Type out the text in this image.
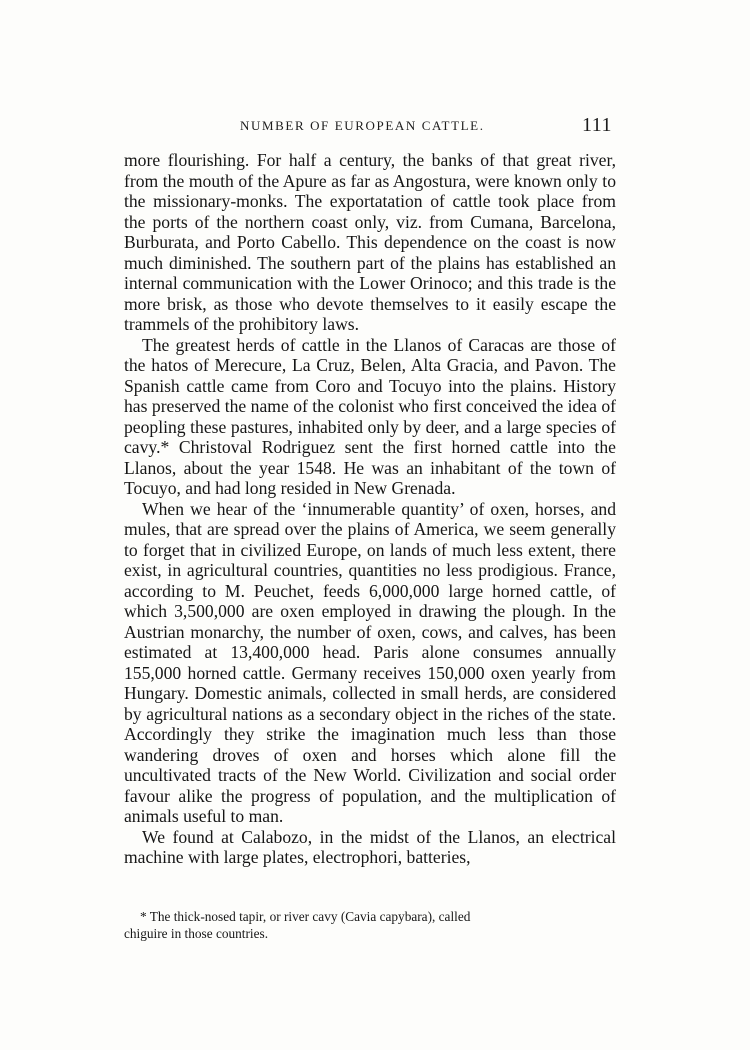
NUMBER OF EUROPEAN CATTLE.	111

more flourishing. For half a century, the banks of that great river, from the mouth of the Apure as far as Angostura, were known only to the missionary-monks. The exportatation of cattle took place from the ports of the northern coast only, viz. from Cumana, Barcelona, Burburata, and Porto Cabello. This dependence on the coast is now much diminished. The southern part of the plains has established an internal communication with the Lower Orinoco; and this trade is the more brisk, as those who devote themselves to it easily escape the trammels of the prohibitory laws.

The greatest herds of cattle in the Llanos of Caracas are those of the hatos of Merecure, La Cruz, Belen, Alta Gracia, and Pavon. The Spanish cattle came from Coro and Tocuyo into the plains. History has preserved the name of the colonist who first conceived the idea of peopling these pastures, inhabited only by deer, and a large species of cavy.* Christoval Rodriguez sent the first horned cattle into the Llanos, about the year 1548. He was an inhabitant of the town of Tocuyo, and had long resided in New Grenada.

When we hear of the ‘innumerable quantity’ of oxen, horses, and mules, that are spread over the plains of America, we seem generally to forget that in civilized Europe, on lands of much less extent, there exist, in agricultural countries, quantities no less prodigious. France, according to M. Peuchet, feeds 6,000,000 large horned cattle, of which 3,500,000 are oxen employed in drawing the plough. In the Austrian monarchy, the number of oxen, cows, and calves, has been estimated at 13,400,000 head. Paris alone consumes annually 155,000 horned cattle. Germany receives 150,000 oxen yearly from Hungary. Domestic animals, collected in small herds, are considered by agricultural nations as a secondary object in the riches of the state. Accordingly they strike the imagination much less than those wandering droves of oxen and horses which alone fill the uncultivated tracts of the New World. Civilization and social order favour alike the progress of population, and the multiplication of animals useful to man.

We found at Calabozo, in the midst of the Llanos, an electrical machine with large plates, electrophori, batteries,

* The thick-nosed tapir, or river cavy (Cavia capybara), called
chiguire in those countries.
